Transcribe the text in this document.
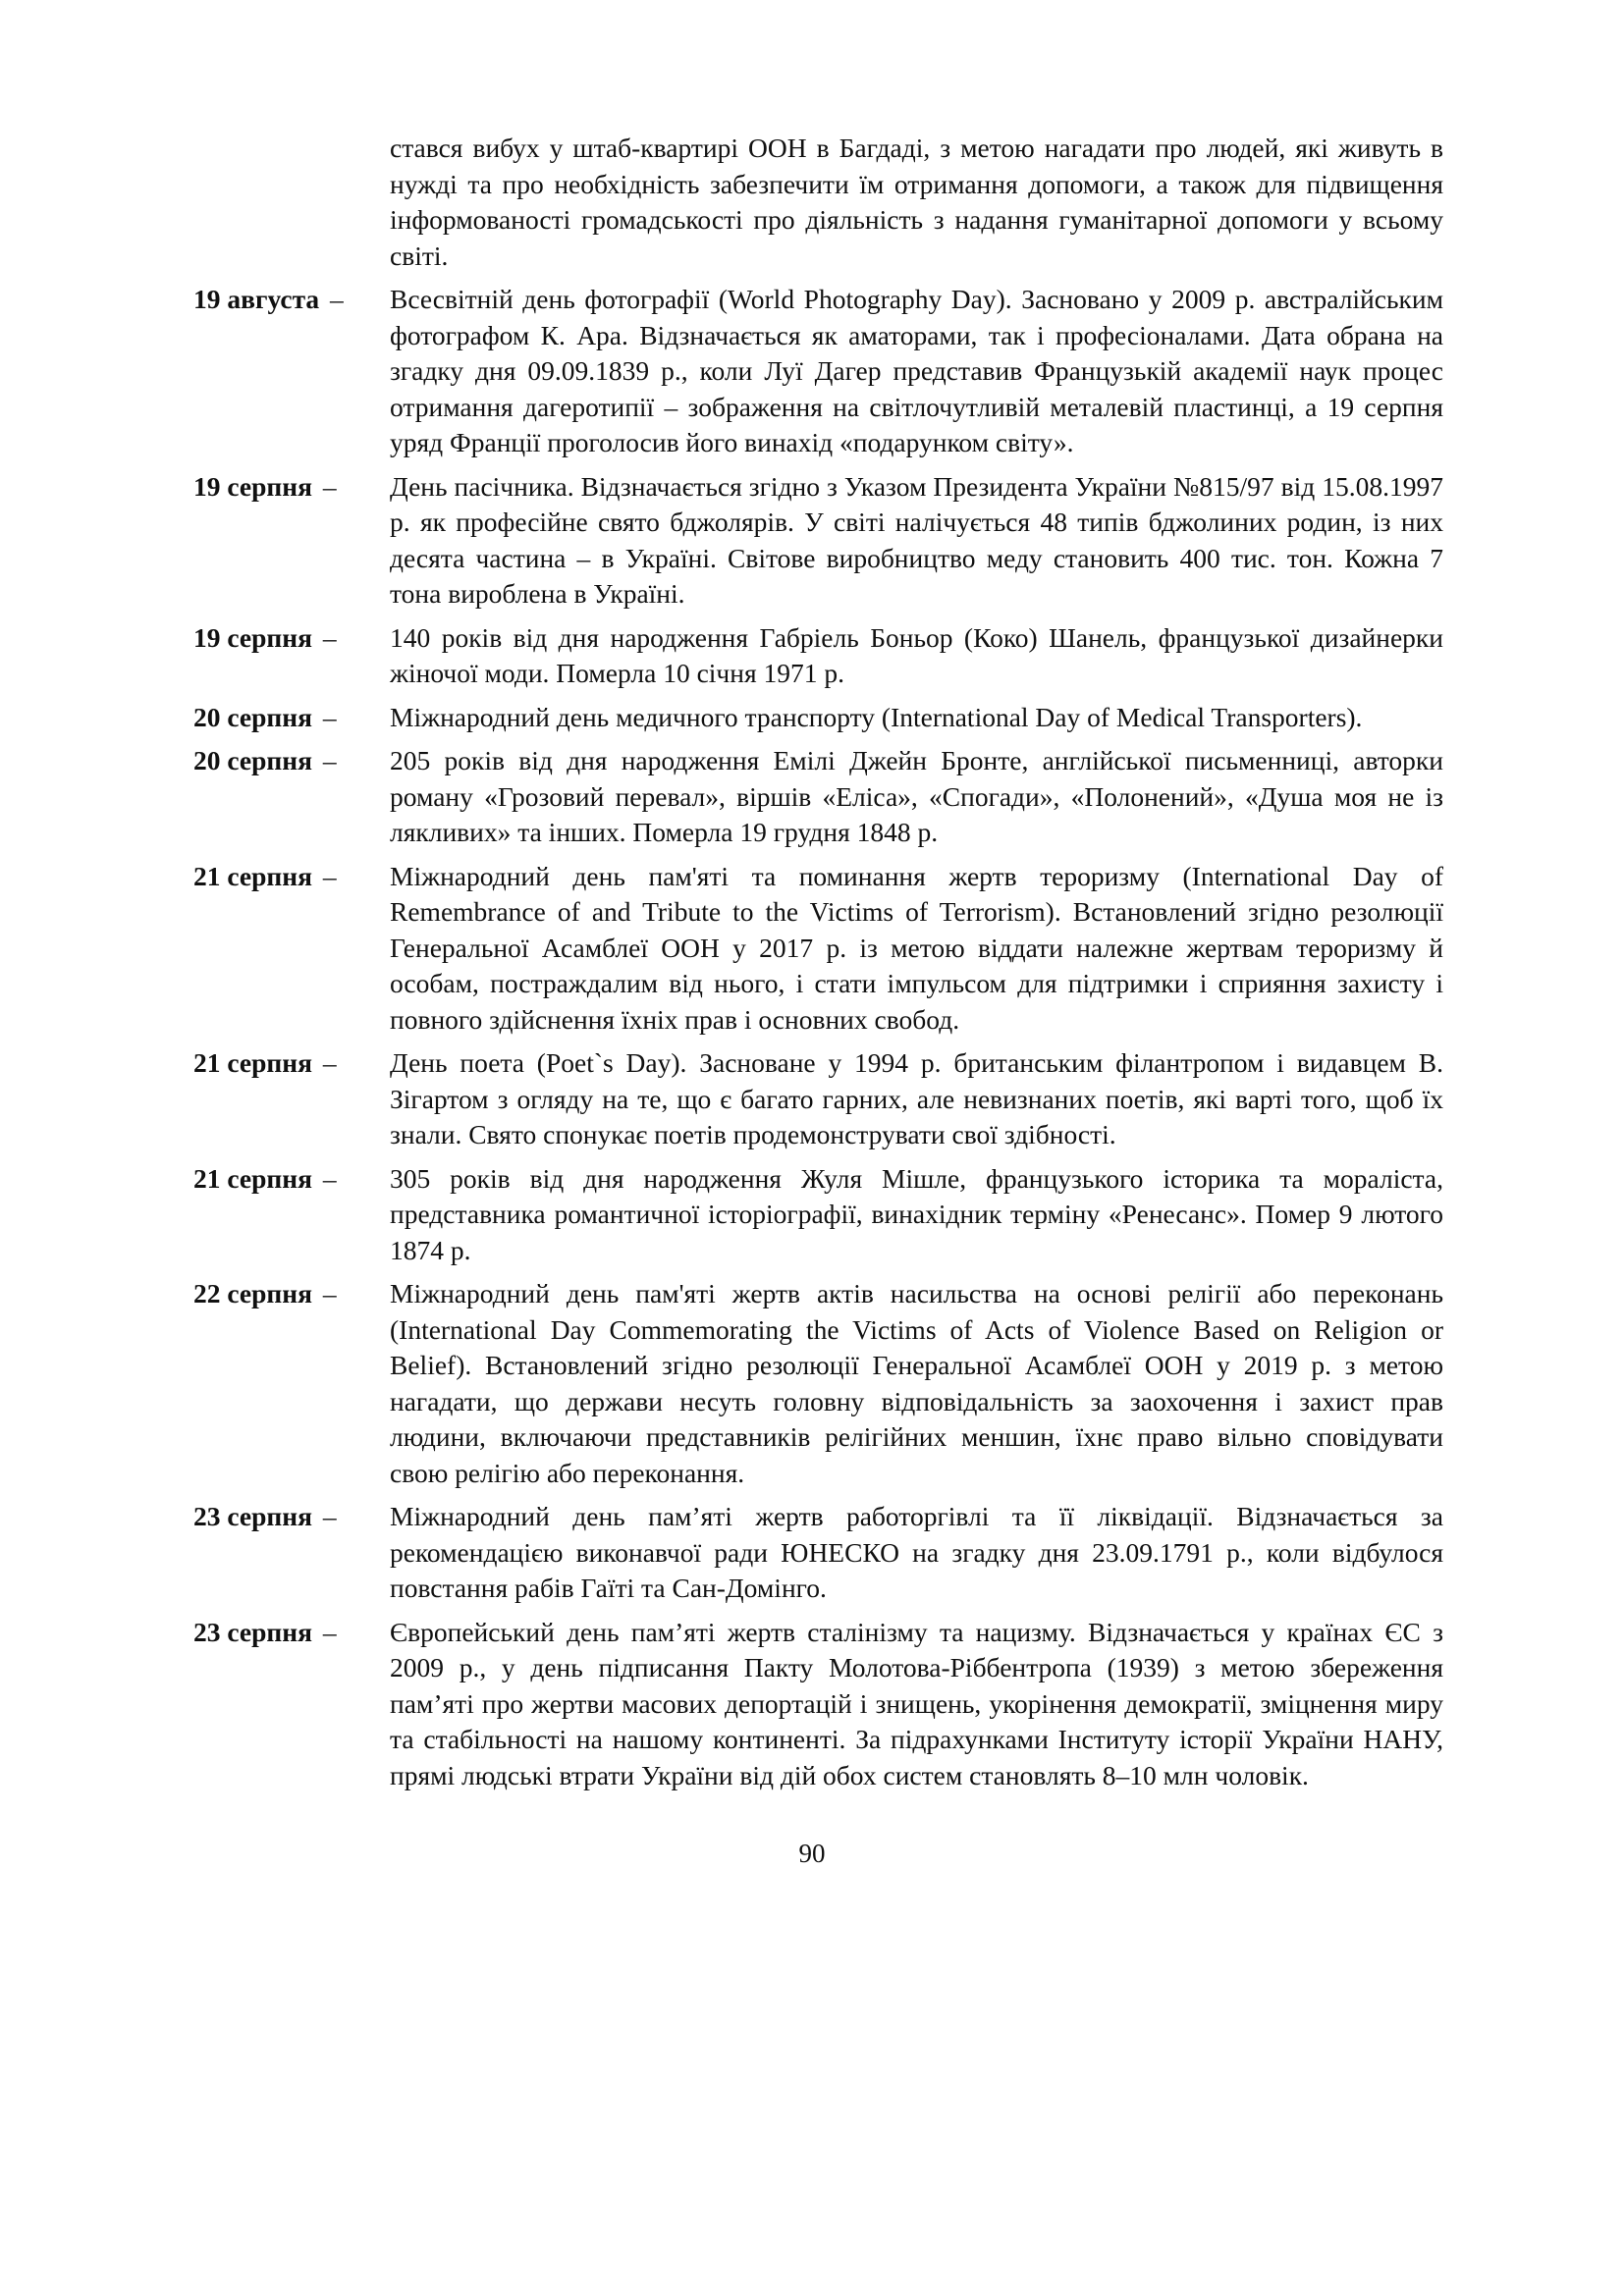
стався вибух у штаб-квартирі ООН в Багдаді, з метою нагадати про людей, які живуть в нужді та про необхідність забезпечити їм отримання допомоги, а також для підвищення інформованості громадськості про діяльність з надання гуманітарної допомоги у всьому світі.

19 августа –	Всесвітній день фотографії (World Photography Day). Засновано у 2009 р. австралійським фотографом К. Ара. Відзначається як аматорами, так і професіоналами. Дата обрана на згадку дня 09.09.1839 р., коли Луї Дагер представив Французькій академії наук процес отримання дагеротипії – зображення на світлочутливій металевій пластинці, а 19 серпня уряд Франції проголосив його винахід «подарунком світу».
19 серпня –	День пасічника. Відзначається згідно з Указом Президента України №815/97 від 15.08.1997 р. як професійне свято бджолярів. У світі налічується 48 типів бджолиних родин, із них десята частина – в Україні. Світове виробництво меду становить 400 тис. тон. Кожна 7 тона вироблена в Україні.
19 серпня –	140 років від дня народження Габріель Боньор (Коко) Шанель, французької дизайнерки жіночої моди. Померла 10 січня 1971 р.
20 серпня –	Міжнародний день медичного транспорту (International Day of Medical Transporters).
20 серпня –	205 років від дня народження Емілі Джейн Бронте, англійської письменниці, авторки роману «Грозовий перевал», віршів «Еліса», «Спогади», «Полонений», «Душа моя не із лякливих» та інших. Померла 19 грудня 1848 р.
21 серпня –	Міжнародний день пам'яті та поминання жертв тероризму (International Day of Remembrance of and Tribute to the Victims of Terrorism). Встановлений згідно резолюції Генеральної Асамблеї ООН у 2017 р. із метою віддати належне жертвам тероризму й особам, постраждалим від нього, і стати імпульсом для підтримки і сприяння захисту і повного здійснення їхніх прав і основних свобод.
21 серпня –	День поета (Poet`s Day). Засноване у 1994 р. британським філантропом і видавцем В. Зігартом з огляду на те, що є багато гарних, але невизнаних поетів, які варті того, щоб їх знали. Свято спонукає поетів продемонструвати свої здібності.
21 серпня –	305 років від дня народження Жуля Мішле, французького історика та мораліста, представника романтичної історіографії, винахідник терміну «Ренесанс». Помер 9 лютого 1874 р.
22 серпня –	Міжнародний день пам'яті жертв актів насильства на основі релігії або переконань (International Day Commemorating the Victims of Acts of Violence Based on Religion or Belief). Встановлений згідно резолюції Генеральної Асамблеї ООН у 2019 р. з метою нагадати, що держави несуть головну відповідальність за заохочення і захист прав людини, включаючи представників релігійних меншин, їхнє право вільно сповідувати свою релігію або переконання.
23 серпня –	Міжнародний день пам’яті жертв работоргівлі та її ліквідації. Відзначається за рекомендацією виконавчої ради ЮНЕСКО на згадку дня 23.09.1791 р., коли відбулося повстання рабів Гаїті та Сан-Домінго.
23 серпня –	Європейський день пам’яті жертв сталінізму та нацизму. Відзначається у країнах ЄС з 2009 р., у день підписання Пакту Молотова-Ріббентропа (1939) з метою збереження пам’яті про жертви масових депортацій і знищень, укорінення демократії, зміцнення миру та стабільності на нашому континенті. За підрахунками Інституту історії України НАНУ, прямі людські втрати України від дій обох систем становлять 8–10 млн чоловік.
90
